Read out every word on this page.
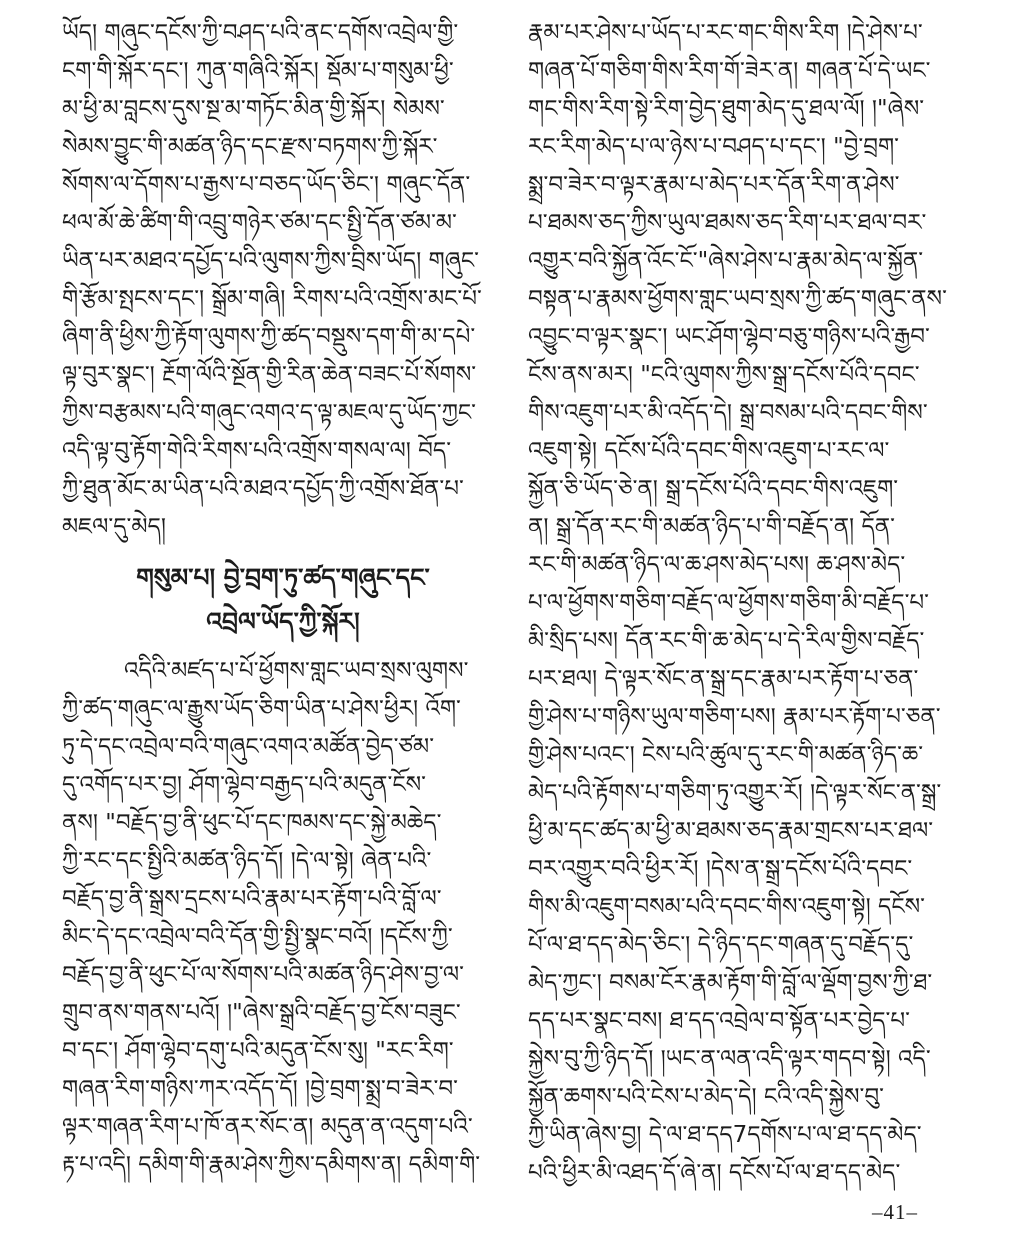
ཡོད། གཞུང་དངོས་ཀྱི་བཤད་པའི་ནང་དགོས་འབྲེལ་གྱི་
ངག་གི་སྐོར་དང་། ཀུན་གཞིའི་སྐོར། སྡོམ་པ་གསུམ་ཕྱི་
མ་ཕྱི་མ་བླངས་དུས་སྔ་མ་གཏོང་མིན་གྱི་སྐོར། སེམས་
སེམས་བྱུང་གི་མཚན་ཉིད་དང་རྫས་བཏགས་ཀྱི་སྐོར་
སོགས་ལ་དོགས་པ་རྒྱས་པ་བཅད་ཡོད་ཅིང་། གཞུང་དོན་
ཕལ་མོ་ཆེ་ཚིག་གི་འབྲུ་གཉེར་ཙམ་དང་སྤྱི་དོན་ཙམ་མ་
ཡིན་པར་མཐའ་དཔྱོད་པའི་ལུགས་ཀྱིས་བྲིས་ཡོད། གཞུང་
གི་རྩོམ་སྤངས་དང་། སྒྲོམ་གཞི། རིགས་པའི་འགྲོས་མང་པོ་
ཞིག་ནི་ཕྱིས་ཀྱི་རྟོག་ལུགས་ཀྱི་ཚད་བསྡུས་དག་གི་མ་དཔེ་
ལྟ་བུར་སྣང་། རྔོག་ལོའི་སྔོན་གྱི་རིན་ཆེན་བཟང་པོ་སོགས་
ཀྱིས་བརྩམས་པའི་གཞུང་འགའ་ད་ལྟ་མཇལ་དུ་ཡོད་ཀྱང་
འདི་ལྟ་བུ་རྟོག་གེའི་རིགས་པའི་འགྲོས་གསལ་ལ། བོད་
ཀྱི་ཐུན་མོང་མ་ཡིན་པའི་མཐའ་དཔྱོད་ཀྱི་འགྲོས་ཐོན་པ་
མཇལ་དུ་མེད།
གསུམ་པ། བྱེ་བྲག་ཏུ་ཚད་གཞུང་དང་
འབྲེལ་ཡོད་ཀྱི་སྐོར།
འདིའི་མཛད་པ་པོ་ཕྱོགས་གླང་ཡབ་སྲས་ལུགས་
ཀྱི་ཚད་གཞུང་ལ་རྒྱུས་ཡོད་ཅིག་ཡིན་པ་ཤེས་ཕྱིར། འོག་
ཏུ་དེ་དང་འབྲེལ་བའི་གཞུང་འགའ་མཚོན་བྱེད་ཙམ་
དུ་འགོད་པར་བྱ། ཤོག་ལྷེབ་བརྒྱད་པའི་མདུན་ངོས་
ནས། "བརྗོད་བྱ་ནི་ཕུང་པོ་དང་ཁམས་དང་སྐྱེ་མཆེད་
ཀྱི་རང་དང་སྤྱིའི་མཚན་ཉིད་དོ། །དེ་ལ་སྟེ། ཞེན་པའི་
བརྗོད་བྱ་ནི་སྒྲས་དྲངས་པའི་རྣམ་པར་རྟོག་པའི་བློ་ལ་
མིང་དེ་དང་འབྲེལ་བའི་དོན་གྱི་སྤྱི་སྣང་བའོ། །དངོས་ཀྱི་
བརྗོད་བྱ་ནི་ཕུང་པོ་ལ་སོགས་པའི་མཚན་ཉིད་ཤེས་བྱ་ལ་
གྲུབ་ནས་གནས་པའོ། །"ཞེས་སྒྲའི་བརྗོད་བྱ་ངོས་བཟུང་
བ་དང་། ཤོག་ལྷེབ་དགུ་པའི་མདུན་ངོས་སུ། "རང་རིག་
གཞན་རིག་གཉིས་ཀར་འདོད་དོ། །བྱེ་བྲག་སྨྲ་བ་ཟེར་བ་
ལྟར་གཞན་རིག་པ་ཁོ་ནར་སོང་ན། མདུན་ན་འདུག་པའི་
རྟ་པ་འདི། དམིག་གི་རྣམ་ཤེས་ཀྱིས་དམིགས་ན། དམིག་གི་
རྣམ་པར་ཤེས་པ་ཡོད་པ་རང་གང་གིས་རིག །དེ་ཤེས་པ་
གཞན་པོ་གཅིག་གིས་རིག་གོ་ཟེར་ན། གཞན་པོ་དེ་ཡང་
གང་གིས་རིག་སྟེ་རིག་བྱེད་ཐུག་མེད་དུ་ཐལ་ལོ། །"ཞེས་
རང་རིག་མེད་པ་ལ་ཉེས་པ་བཤད་པ་དང་། "བྱེ་བྲག་
སྨྲ་བ་ཟེར་བ་ལྟར་རྣམ་པ་མེད་པར་དོན་རིག་ན་ཤེས་
པ་ཐམས་ཅད་ཀྱིས་ཡུལ་ཐམས་ཅད་རིག་པར་ཐལ་བར་
འགྱུར་བའི་སྐྱོན་འོང་ངོ་"ཞེས་ཤེས་པ་རྣམ་མེད་ལ་སྐྱོན་
བསྟན་པ་རྣམས་ཕྱོགས་གླང་ཡབ་སྲས་ཀྱི་ཚད་གཞུང་ནས་
འབྱུང་བ་ལྟར་སྣང་། ཡང་ཤོག་ལྷེབ་བཅུ་གཉིས་པའི་རྒྱབ་
ངོས་ནས་མར། "ངའི་ལུགས་ཀྱིས་སྒྲ་དངོས་པོའི་དབང་
གིས་འཇུག་པར་མི་འདོད་དེ། སྒྲ་བསམ་པའི་དབང་གིས་
འཇུག་སྟེ། དངོས་པོའི་དབང་གིས་འཇུག་པ་རང་ལ་
སྐྱོན་ཅི་ཡོད་ཅེ་ན། སྒྲ་དངོས་པོའི་དབང་གིས་འཇུག་
ན། སྒྲ་དོན་རང་གི་མཚན་ཉིད་པ་གི་བརྗོད་ན། དོན་
རང་གི་མཚན་ཉིད་ལ་ཆ་ཤས་མེད་པས། ཆ་ཤས་མེད་
པ་ལ་ཕྱོགས་གཅིག་བརྗོད་ལ་ཕྱོགས་གཅིག་མི་བརྗོད་པ་
མི་སྲིད་པས། དོན་རང་གི་ཆ་མེད་པ་དེ་རིལ་གྱིས་བརྗོད་
པར་ཐལ། དེ་ལྟར་སོང་ན་སྒྲ་དང་རྣམ་པར་རྟོག་པ་ཅན་
གྱི་ཤེས་པ་གཉིས་ཡུལ་གཅིག་པས། རྣམ་པར་རྟོག་པ་ཅན་
གྱི་ཤེས་པའང་། ངེས་པའི་ཚུལ་དུ་རང་གི་མཚན་ཉིད་ཆ་
མེད་པའི་རྟོགས་པ་གཅིག་ཏུ་འགྱུར་རོ། །དེ་ལྟར་སོང་ན་སྒྲ་
ཕྱི་མ་དང་ཚད་མ་ཕྱི་མ་ཐམས་ཅད་རྣམ་གྲངས་པར་ཐལ་
བར་འགྱུར་བའི་ཕྱིར་རོ། །དེས་ན་སྒྲ་དངོས་པོའི་དབང་
གིས་མི་འཇུག་བསམ་པའི་དབང་གིས་འཇུག་སྟེ། དངོས་
པོ་ལ་ཐ་དད་མེད་ཅིང་། དེ་ཉིད་དང་གཞན་དུ་བརྗོད་དུ་
མེད་ཀྱང་། བསམ་ངོར་རྣམ་རྟོག་གི་བློ་ལ་ལྡོག་བྱས་ཀྱི་ཐ་
དད་པར་སྣང་བས། ཐ་དད་འབྲེལ་བ་སྟོན་པར་བྱེད་པ་
སྐྱེས་བུ་ཀྱི་ཉིད་དོ། །ཡང་ན་ལན་འདི་ལྟར་གདབ་སྟེ། འདི་
སྐྱོན་ཆགས་པའི་ངེས་པ་མེད་དེ། ངའི་འདི་སྐྱེས་བུ་
ཀྱི་ཡིན་ཞེས་བྱ། དེ་ལ་ཐ་དད7དགོས་པ་ལ་ཐ་དད་མེད་
པའི་ཕྱིར་མི་འཐད་དོ་ཞེ་ན། དངོས་པོ་ལ་ཐ་དད་མེད་
–41–
